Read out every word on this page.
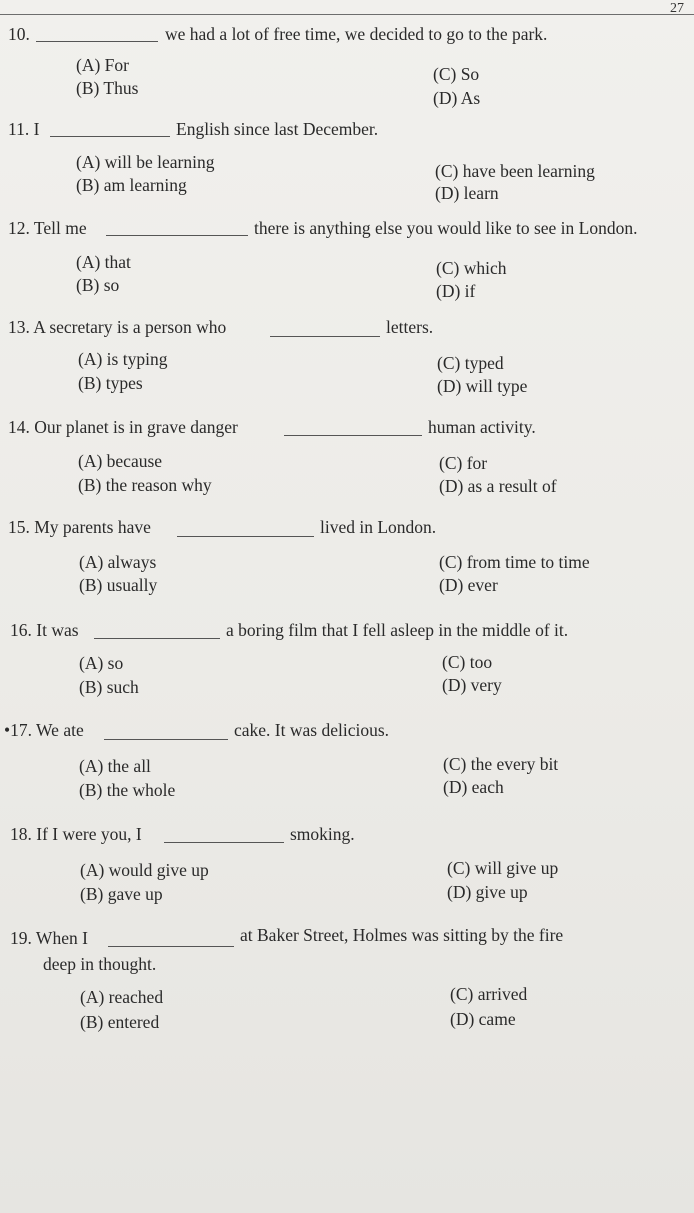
27
10.	we had a lot of free time, we decided to go to the park.
(A) For
(B) Thus
(C) So
(D) As
11. I	English since last December.
(A) will be learning
(B) am learning
(C) have been learning
(D) learn
12. Tell me	there is anything else you would like to see in London.
(A) that
(B) so
(C) which
(D) if
13. A secretary is a person who	letters.
(A) is typing
(B) types
(C) typed
(D) will type
14. Our planet is in grave danger	human activity.
(A) because
(B) the reason why
(C) for
(D) as a result of
15. My parents have	lived in London.
(A) always
(B) usually
(C) from time to time
(D) ever
16. It was	a boring film that I fell asleep in the middle of it.
(A) so
(B) such
(C) too
(D) very
•17. We ate	cake. It was delicious.
(A) the all
(B) the whole
(C) the every bit
(D) each
18. If I were you, I	smoking.
(A) would give up
(B) gave up
(C) will give up
(D) give up
19. When I	at Baker Street, Holmes was sitting by the fire
deep in thought.
(A) reached
(B) entered
(C) arrived
(D) came
